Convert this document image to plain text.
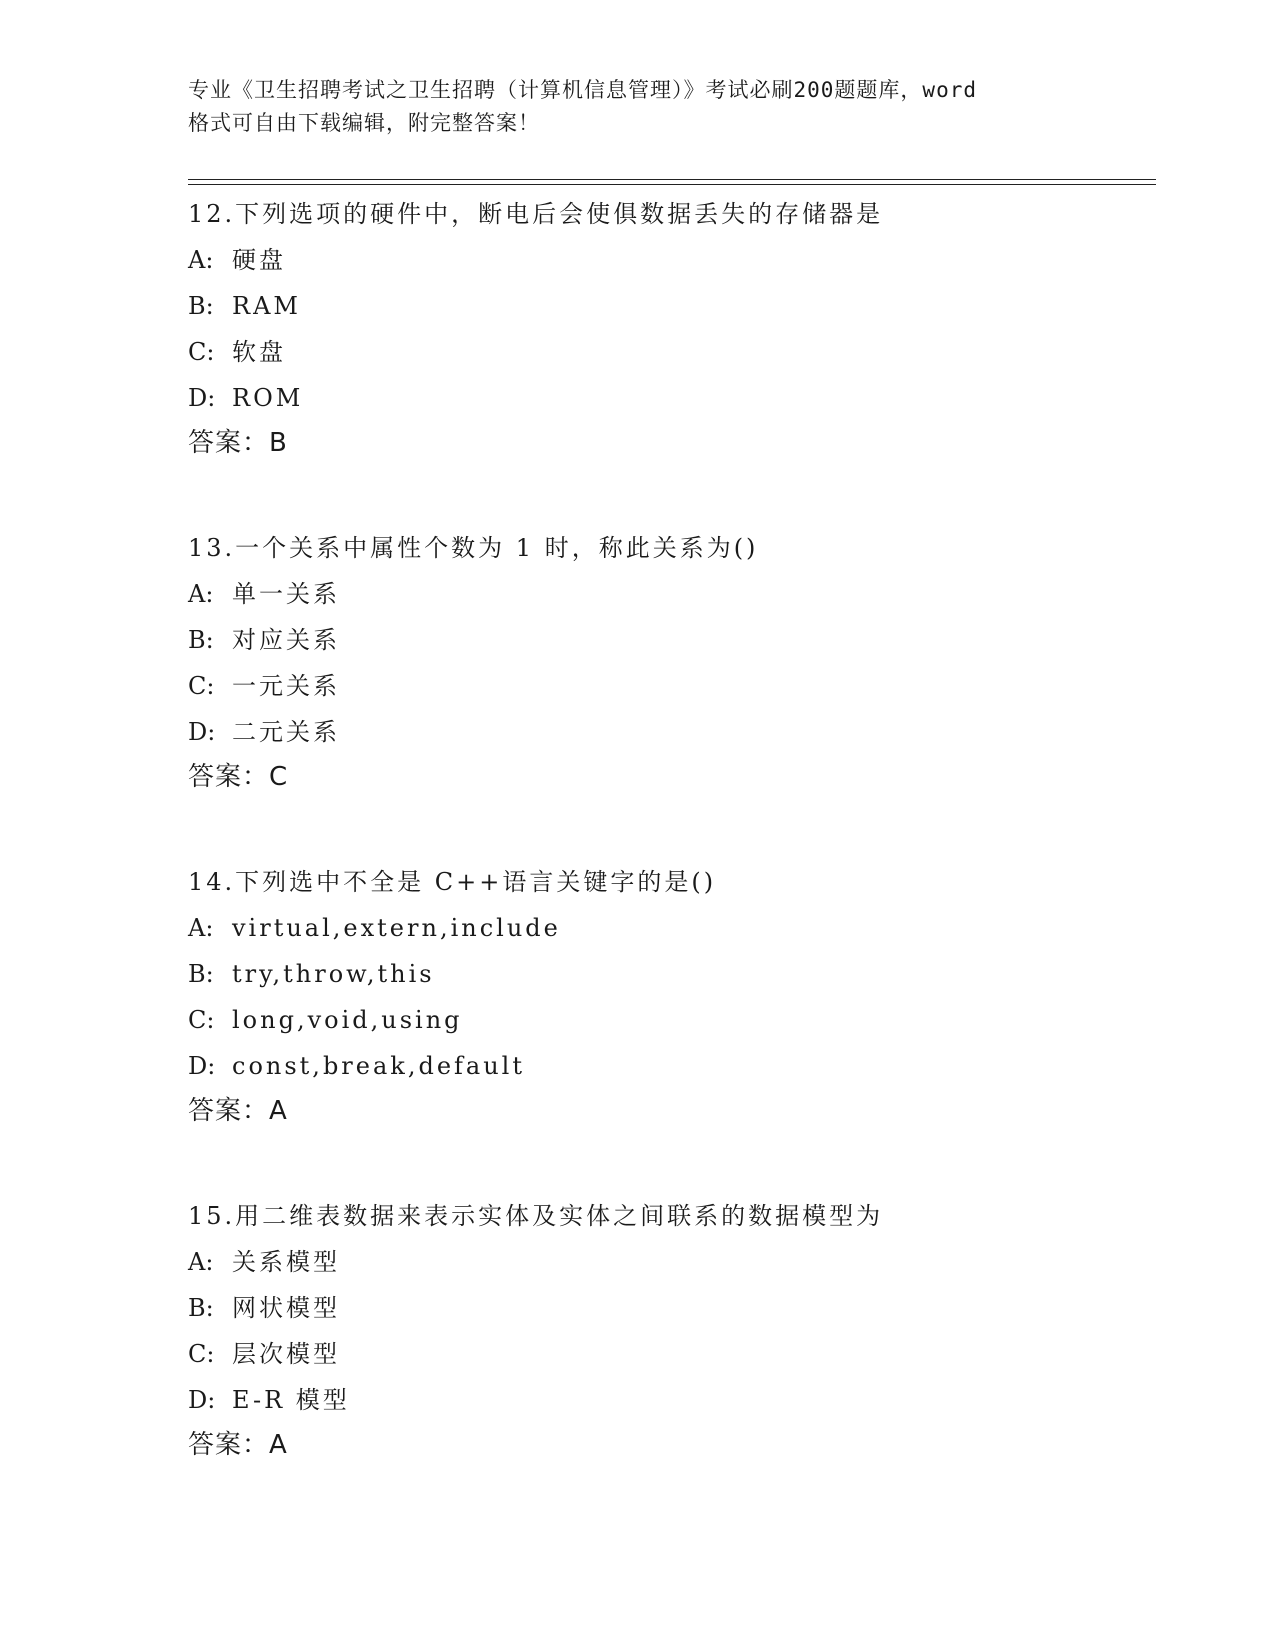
专业《卫生招聘考试之卫生招聘（计算机信息管理）》考试必刷200题题库，word
格式可自由下载编辑，附完整答案！
12.下列选项的硬件中，断电后会使俱数据丢失的存储器是
A: 硬盘
B: RAM
C: 软盘
D: ROM
答案：B
13.一个关系中属性个数为 1 时，称此关系为()
A: 单一关系
B: 对应关系
C: 一元关系
D: 二元关系
答案：C
14.下列选中不全是 C++语言关键字的是()
A: virtual,extern,include
B: try,throw,this
C: long,void,using
D: const,break,default
答案：A
15.用二维表数据来表示实体及实体之间联系的数据模型为
A: 关系模型
B: 网状模型
C: 层次模型
D: E-R 模型
答案：A
